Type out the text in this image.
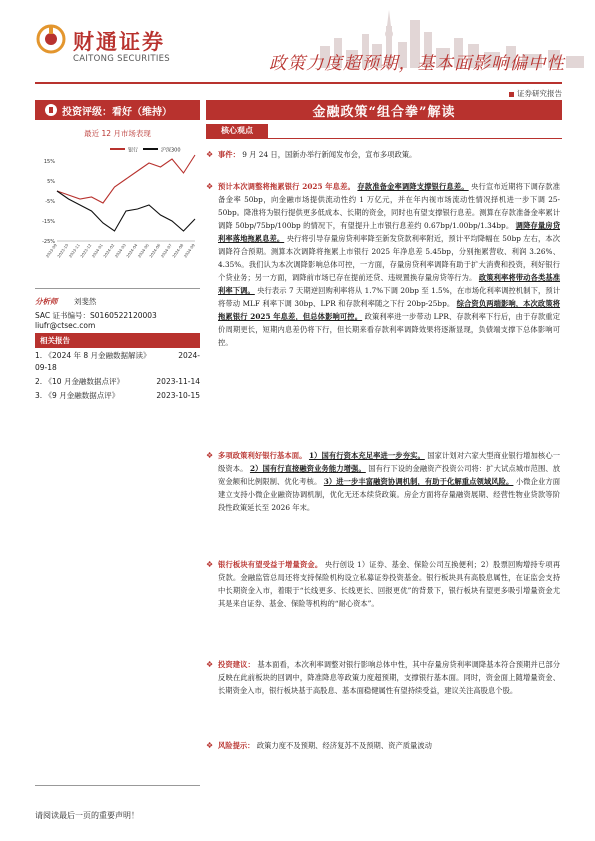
财通证券
CAITONG SECURITIES	政策力度超预期，基本面影响偏中性
证券研究报告
投资评级：看好（维持）
最近 12 月市场表现
银行	沪深300
15%
5%
-5%
-15%
-25%
2023-09
2023-10
2023-11
2023-12
2024-01
2024-02
2024-03
2024-04
2024-05
2024-06
2024-07
2024-08
2024-09
分析师 刘斐然
SAC 证书编号：S0160522120003
liufr@ctsec.com
相关报告
1. 《2024 年 8 月金融数据解读》	2024-
09-18
2. 《10 月金融数据点评》	2023-11-14
3. 《9 月金融数据点评》	2023-10-15
请阅读最后一页的重要声明！
金融政策“组合拳”解读
核心观点
❖ 事件： 9 月 24 日，国新办举行新闻发布会，宣布多项政策。
❖ 预计本次调整将拖累银行 2025 年息差。 存款准备金率调降支撑银行息差。 央行宣布近期将下调存款准备金率 50bp，向金融市场提供流动性约 1 万亿元，并在年内视市场流动性情况择机进一步下调 25-50bp。降准将为银行提供更多低成本、长期的资金，同时也有望支撑银行息差。测算在存款准备金率累计调降 50bp/75bp/100bp 的情况下，有望提升上市银行息差约 0.67bp/1.00bp/1.34bp。 调降存量房贷利率落地拖累息差。 央行将引导存量房贷利率降至新发贷款利率附近，预计平均降幅在 50bp 左右，本次调降符合预期。测算本次调降将拖累上市银行 2025 年净息差 5.45bp，分别拖累营收、利润 3.26%、4.35%。我们认为本次调降影响总体可控，一方面，存量房贷利率调降有助于扩大消费和投资，利好银行个贷业务；另一方面，调降前市场已存在提前还贷、违规置换存量房贷等行为。 政策利率将带动各类基准利率下调。 央行表示 7 天期逆回购利率将从 1.7%下调 20bp 至 1.5%，在市场化利率调控机制下，预计将带动 MLF 利率下调 30bp、LPR 和存款利率随之下行 20bp-25bp。 综合资负两端影响，本次政策将拖累银行 2025 年息差，但总体影响可控。 政策利率进一步带动 LPR、存款利率下行后，由于存款重定价周期更长，短期内息差仍将下行，但长期来看存款利率调降效果将逐渐显现，负债端支撑下总体影响可控。
❖ 多项政策利好银行基本面。 1）国有行资本充足率进一步夯实。 国家计划对六家大型商业银行增加核心一级资本。 2）国有行直接融资业务能力增强。 国有行下设的金融资产投资公司将：扩大试点城市范围、放宽金额和比例限制、优化考核。 3）进一步丰富融资协调机制，有助于化解重点领域风险。 小微企业方面建立支持小微企业融资协调机制，优化无还本续贷政策。房企方面将存量融资展期、经营性物业贷款等阶段性政策延长至 2026 年末。
❖ 银行板块有望受益于增量资金。 央行创设 1）证券、基金、保险公司互换便利；2）股票回购增持专项再贷款。金融监管总局还将支持保险机构设立私募证券投资基金。银行板块具有高股息属性，在证监会支持中长期资金入市，着眼于“长线更多、长线更长、回报更优”的背景下，银行板块有望更多吸引增量资金尤其是来自证券、基金、保险等机构的“耐心资本”。
❖ 投资建议： 基本面看，本次利率调整对银行影响总体中性，其中存量房贷利率调降基本符合预期并已部分反映在此前板块的回调中，降准降息等政策力度超预期，支撑银行基本面。同时，资金面上随增量资金、长期资金入市，银行板块基于高股息、基本面稳健属性有望持续受益，建议关注高股息个股。
❖ 风险提示： 政策力度不及预期、经济复苏不及预期、资产质量波动
